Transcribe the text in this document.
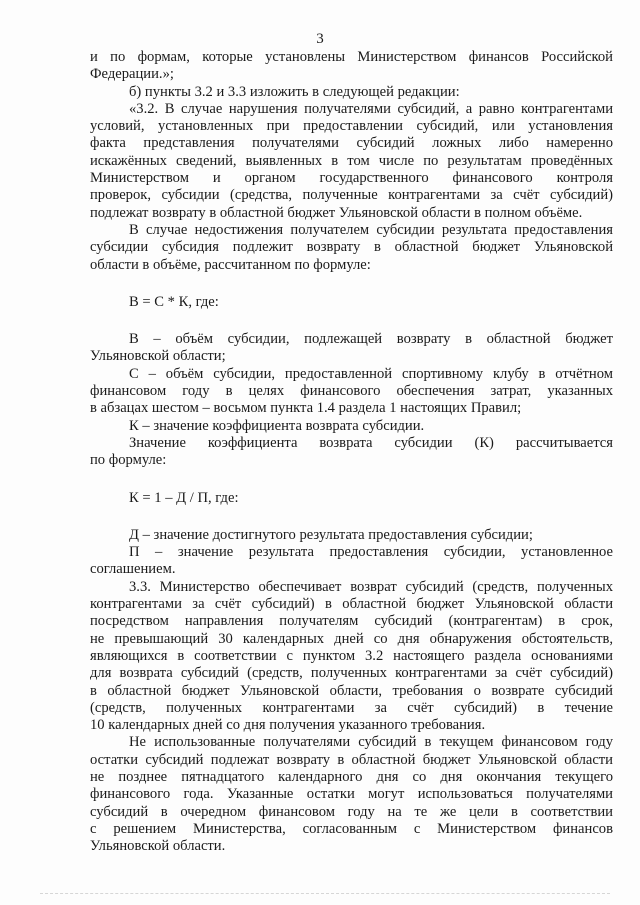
3

и по формам, которые установлены Министерством финансов Российской

Федерации.»;

б) пункты 3.2 и 3.3 изложить в следующей редакции:

«3.2. В случае нарушения получателями субсидий, а равно контрагентами

условий, установленных при предоставлении субсидий, или установления

факта представления получателями субсидий ложных либо намеренно

искажённых сведений, выявленных в том числе по результатам проведённых

Министерством и органом государственного финансового контроля

проверок, субсидии (средства, полученные контрагентами за счёт субсидий)

подлежат возврату в областной бюджет Ульяновской области в полном объёме.

В случае недостижения получателем субсидии результата предоставления

субсидии субсидия подлежит возврату в областной бюджет Ульяновской

области в объёме, рассчитанном по формуле:

В = С * К, где:

В – объём субсидии, подлежащей возврату в областной бюджет

Ульяновской области;

С – объём субсидии, предоставленной спортивному клубу в отчётном

финансовом году в целях финансового обеспечения затрат, указанных

в абзацах шестом – восьмом пункта 1.4 раздела 1 настоящих Правил;

К – значение коэффициента возврата субсидии.

Значение коэффициента возврата субсидии (К) рассчитывается

по формуле:

К = 1 – Д / П, где:

Д – значение достигнутого результата предоставления субсидии;

П – значение результата предоставления субсидии, установленное

соглашением.

3.3. Министерство обеспечивает возврат субсидий (средств, полученных

контрагентами за счёт субсидий) в областной бюджет Ульяновской области

посредством направления получателям субсидий (контрагентам) в срок,

не превышающий 30 календарных дней со дня обнаружения обстоятельств,

являющихся в соответствии с пунктом 3.2 настоящего раздела основаниями

для возврата субсидий (средств, полученных контрагентами за счёт субсидий)

в областной бюджет Ульяновской области, требования о возврате субсидий

(средств, полученных контрагентами за счёт субсидий) в течение

10 календарных дней со дня получения указанного требования.

Не использованные получателями субсидий в текущем финансовом году

остатки субсидий подлежат возврату в областной бюджет Ульяновской области

не позднее пятнадцатого календарного дня со дня окончания текущего

финансового года. Указанные остатки могут использоваться получателями

субсидий в очередном финансовом году на те же цели в соответствии

с решением Министерства, согласованным с Министерством финансов

Ульяновской области.
